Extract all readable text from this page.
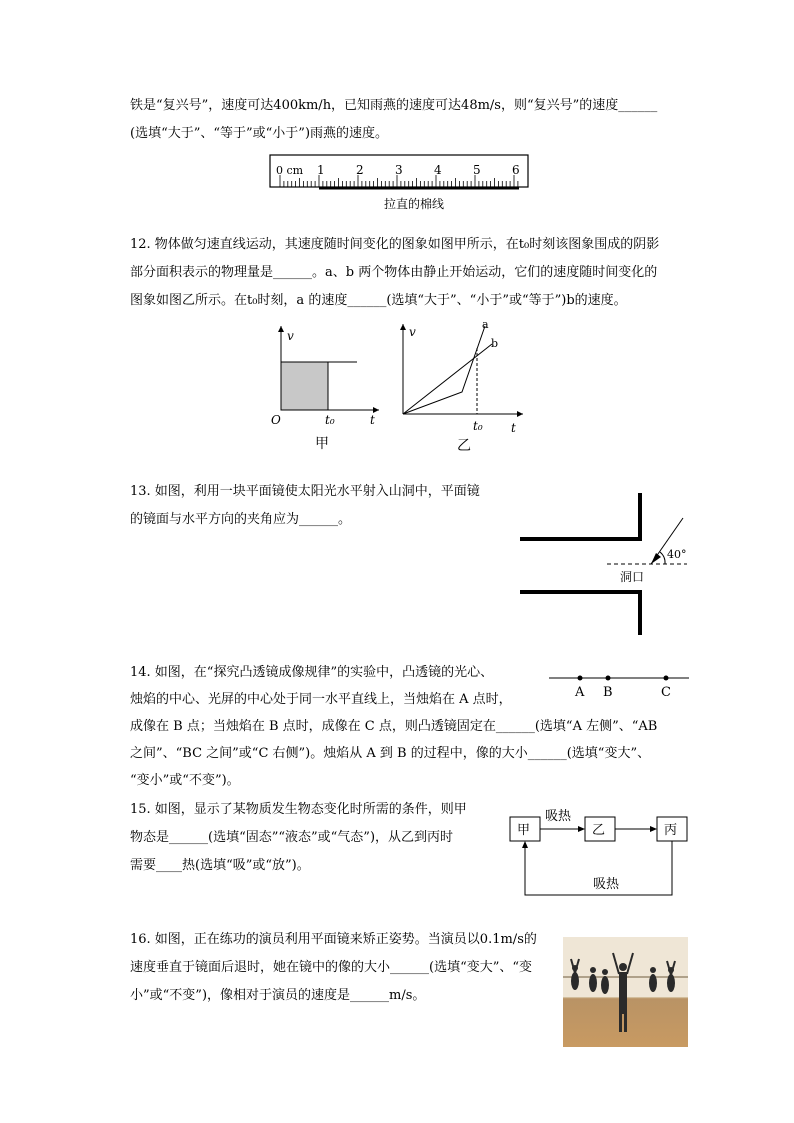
铁是“复兴号”，速度可达400km/h，已知雨燕的速度可达48m/s，则“复兴号”的速度______
(选填“大于”、“等于”或“小于”)雨燕的速度。
0 cm 1	2	3	4	5	6
拉直的棉线
12. 物体做匀速直线运动，其速度随时间变化的图象如图甲所示，在t₀时刻该图象围成的阴影
部分面积表示的物理量是______。a、b 两个物体由静止开始运动，它们的速度随时间变化的
图象如图乙所示。在t₀时刻，a 的速度______(选填“大于”、“小于”或“等于”)b的速度。
v
t
O	t₀
甲
v
t
t₀
a
b
乙
13. 如图，利用一块平面镜使太阳光水平射入山洞中，平面镜
的镜面与水平方向的夹角应为______。
40°
洞口
14. 如图，在“探究凸透镜成像规律”的实验中，凸透镜的光心、
烛焰的中心、光屏的中心处于同一水平直线上，当烛焰在 A 点时，
成像在 B 点；当烛焰在 B 点时，成像在 C 点，则凸透镜固定在______(选填“A 左侧”、“AB
之间”、“BC 之间”或“C 右侧”)。烛焰从 A 到 B 的过程中，像的大小______(选填“变大”、
“变小”或“不变”)。
A B	C
15. 如图，显示了某物质发生物态变化时所需的条件，则甲
物态是______(选填“固态”“液态”或“气态”)，从乙到丙时
需要____热(选填“吸”或“放”)。
甲	乙	丙
吸热
吸热
16. 如图，正在练功的演员利用平面镜来矫正姿势。当演员以0.1m/s的
速度垂直于镜面后退时，她在镜中的像的大小______(选填“变大”、“变
小”或“不变”)，像相对于演员的速度是______m/s。
